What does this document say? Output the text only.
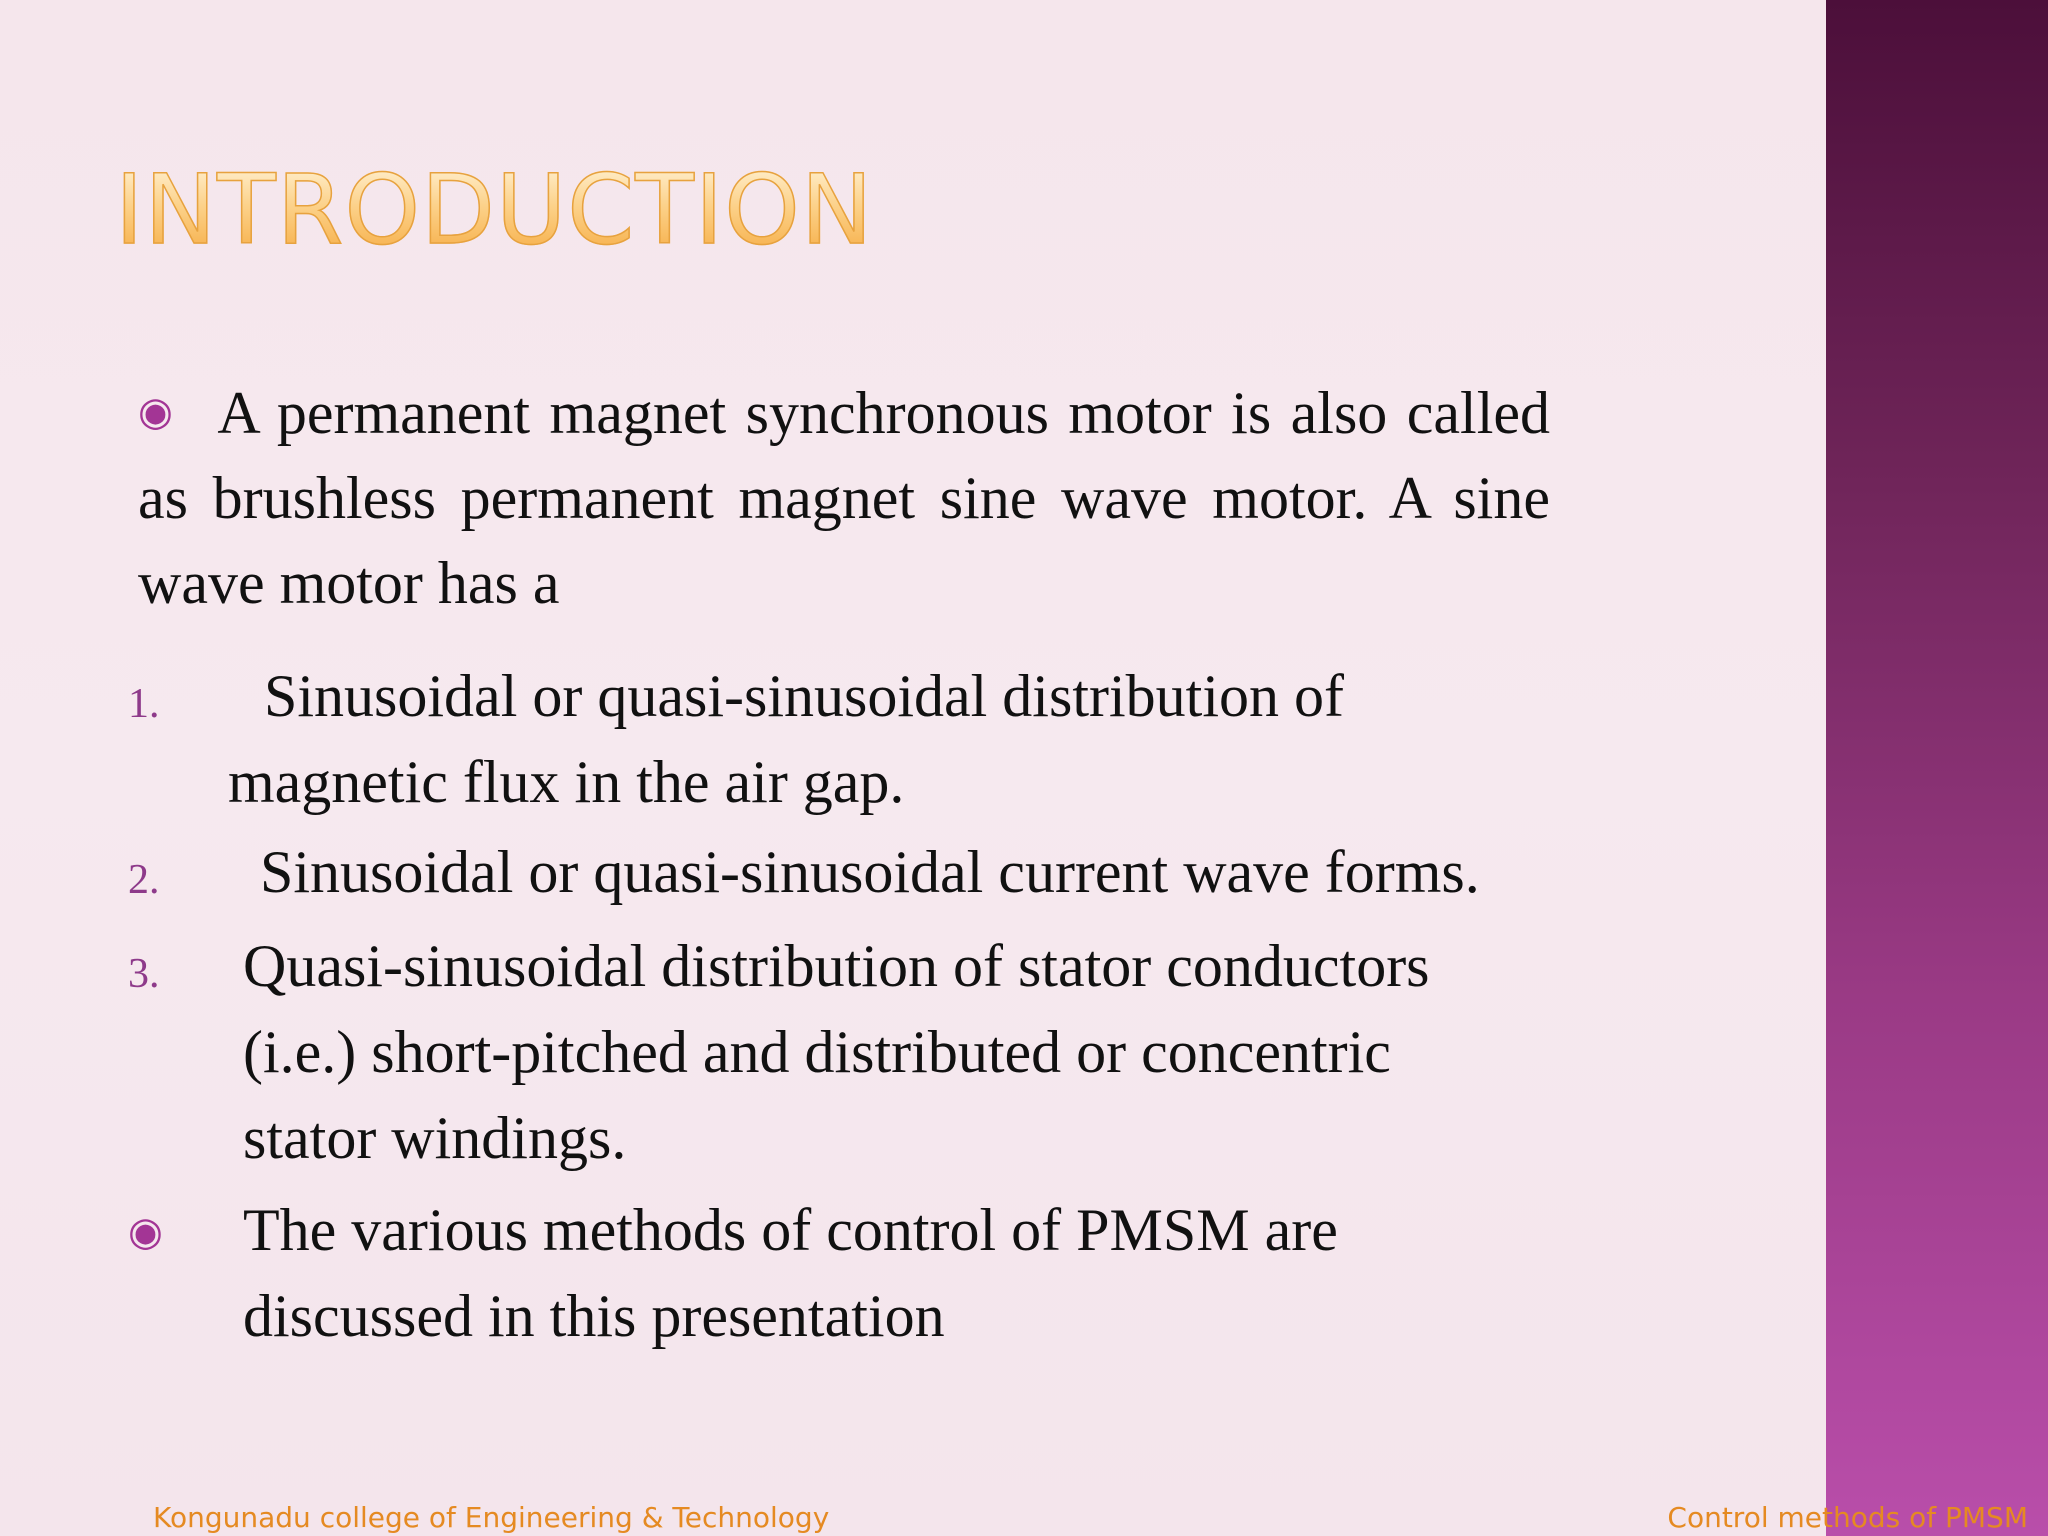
INTRODUCTION

◉ A permanent magnet synchronous motor is also called as brushless permanent magnet sine wave motor. A sine wave motor has a

1. Sinusoidal or quasi-sinusoidal distribution of
magnetic flux in the air gap.
2. Sinusoidal or quasi-sinusoidal current wave forms.
3. Quasi-sinusoidal distribution of stator conductors
(i.e.) short-pitched and distributed or concentric
stator windings.
◉ The various methods of control of PMSM are
discussed in this presentation
Kongunadu college of Engineering & Technology	Control methods of PMSM
